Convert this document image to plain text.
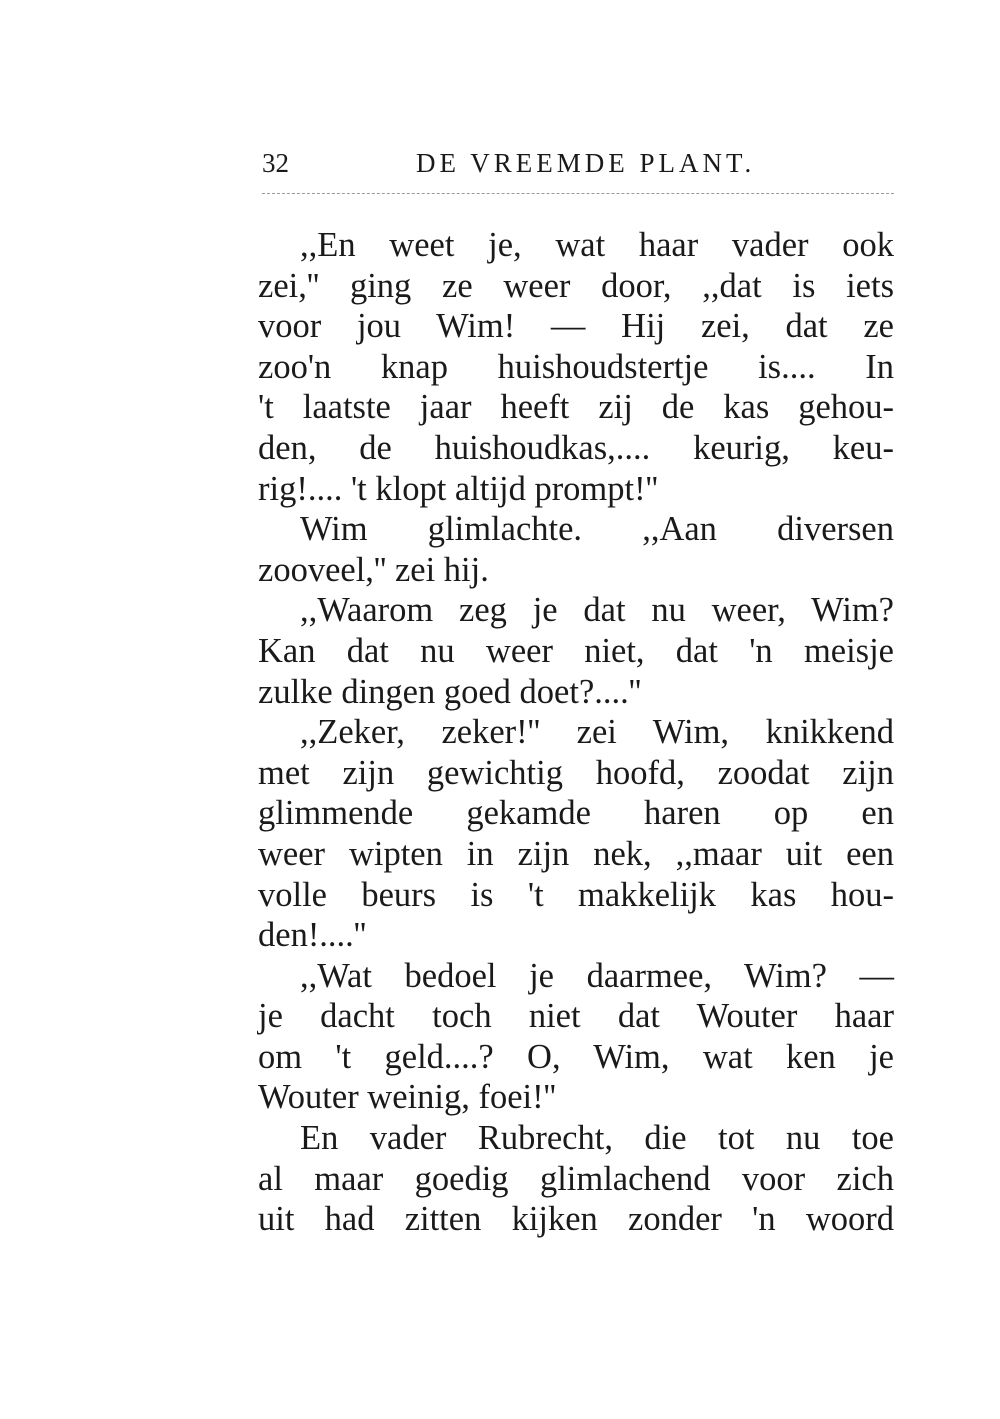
32	DE VREEMDE PLANT.
,,En weet je, wat haar vader ook
zei,'' ging ze weer door, ,,dat is iets
voor jou Wim! — Hij zei, dat ze
zoo'n knap huishoudstertje is.... In
't laatste jaar heeft zij de kas gehou-
den, de huishoudkas,.... keurig, keu-
rig!.... 't klopt altijd prompt!''
Wim glimlachte. ,,Aan diversen
zooveel,'' zei hij.
,,Waarom zeg je dat nu weer, Wim?
Kan dat nu weer niet, dat 'n meisje
zulke dingen goed doet?....''
,,Zeker, zeker!'' zei Wim, knikkend
met zijn gewichtig hoofd, zoodat zijn
glimmende gekamde haren op en
weer wipten in zijn nek, ,,maar uit een
volle beurs is 't makkelijk kas hou-
den!....''
,,Wat bedoel je daarmee, Wim? —
je dacht toch niet dat Wouter haar
om 't geld....? O, Wim, wat ken je
Wouter weinig, foei!''
En vader Rubrecht, die tot nu toe
al maar goedig glimlachend voor zich
uit had zitten kijken zonder 'n woord
